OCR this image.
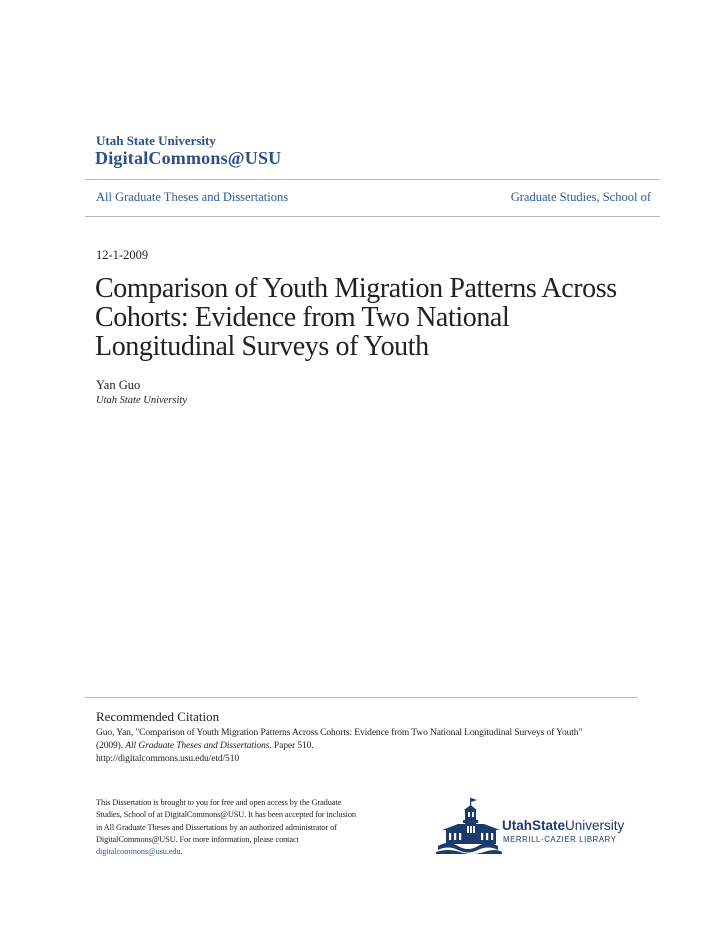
Utah State University
DigitalCommons@USU
All Graduate Theses and Dissertations	Graduate Studies, School of
12-1-2009
Comparison of Youth Migration Patterns Across Cohorts: Evidence from Two National Longitudinal Surveys of Youth
Yan Guo
Utah State University
Recommended Citation
Guo, Yan, "Comparison of Youth Migration Patterns Across Cohorts: Evidence from Two National Longitudinal Surveys of Youth"
(2009). All Graduate Theses and Dissertations. Paper 510.
http://digitalcommons.usu.edu/etd/510
This Dissertation is brought to you for free and open access by the Graduate Studies, School of at DigitalCommons@USU. It has been accepted for inclusion in All Graduate Theses and Dissertations by an authorized administrator of DigitalCommons@USU. For more information, please contact digitalcommons@usu.edu.
UtahStateUniversity
MERRILL-CAZIER LIBRARY
